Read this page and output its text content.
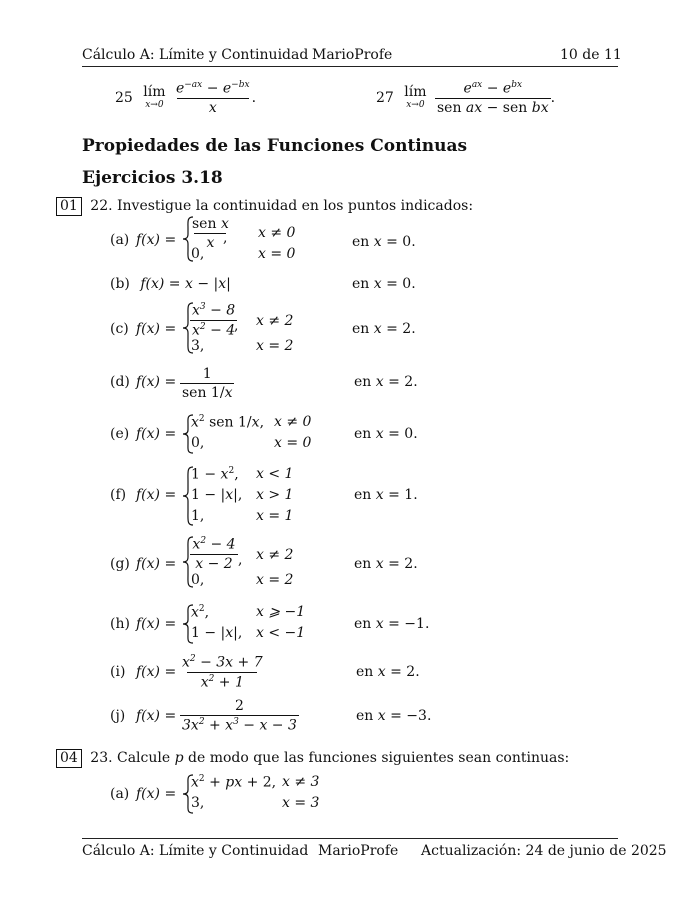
Cálculo A: Límite y Continuidad MarioProfe	10 de 11
25 lím
x→0
$\frac{e^{-ax} - e^{-bx}}{x}$ .	27 lím
x→0
$\frac{e^{ax} - e^{bx}}{\text{sen ax − sen bx}}$ .
Propiedades de las Funciones Continuas
Ejercicios 3.18
01 22. Investigue la continuidad en los puntos indicados:
(a) f(x) =
sen x
x , x ≠ 0
0,	x = 0
en x = 0.
(b) f(x) = x − |x|	en x = 0.
(c) $f(x) = \frac{x^3 - 8}{x^2 - 4}$
, x ≠ 2
3,	x = 2
en x = 2.
(d) f(x) = 1
sen 1/x
en x = 2.
(e) f(x) =
$x^2$ sen 1/x, x ≠ 0
0,	x = 0
en x = 0.
(f) f(x) =
$1 - x^2$, x < 1
1 − |x|, x > 1
1,	x = 1
en x = 1.
(g) $f(x) = \frac{x^2 - 4}{x - 2}$ , x ≠ 2
0,	x = 2
en x = 2.
(h) f(x) =
$x^2$,	x ⩾ −1
1 − |x|, x < −1
en x = −1.
(i) $f(x) = \frac{x^2 - 3x + 7}{x^2 + 1}$	en x = 2.
(j) $f(x) = \frac{2}{3x^2 + x^3 - x - 3}$	en x = −3.
04 23. Calcule p de modo que las funciones siguientes sean continuas:
(a) f(x) =
$x^2$ + px + 2, x ≠ 3
3,	x = 3
Cálculo A: Límite y Continuidad MarioProfe Actualización: 24 de junio de 2025
